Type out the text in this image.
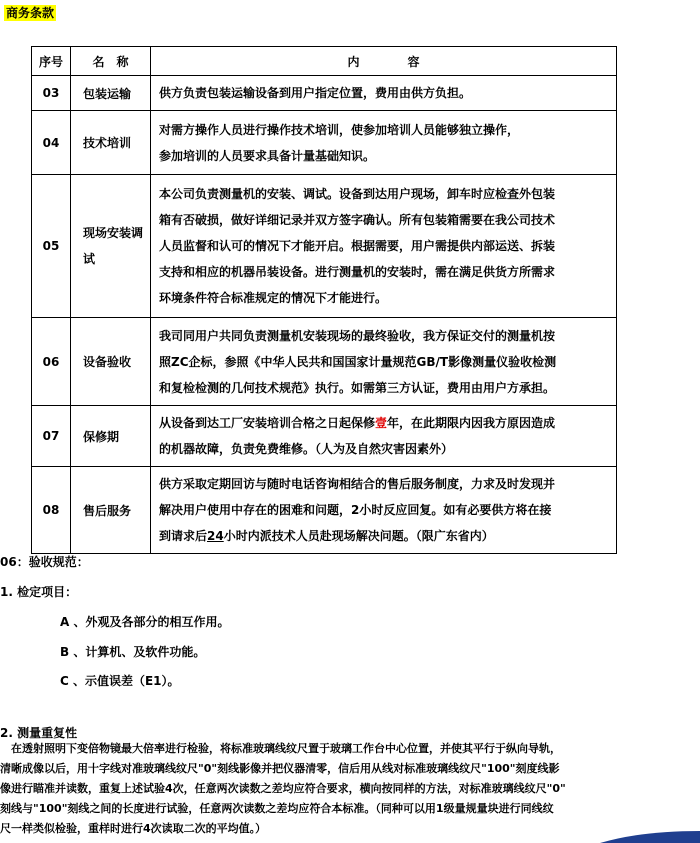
商务条款
序号	名　称	内　　　　容
03	包装运输	供方负责包装运输设备到用户指定位置，费用由供方负担。

04	技术培训	对需方操作人员进行操作技术培训，使参加培训人员能够独立操作，
参加培训的人员要求具备计量基础知识。

05	现场安装调试	本公司负责测量机的安装、调试。设备到达用户现场，卸车时应检查外包装
箱有否破损，做好详细记录并双方签字确认。所有包装箱需要在我公司技术
人员监督和认可的情况下才能开启。根据需要，用户需提供内部运送、拆装
支持和相应的机器吊装设备。进行测量机的安装时，需在满足供货方所需求
环境条件符合标准规定的情况下才能进行。

06	设备验收	我司同用户共同负责测量机安装现场的最终验收，我方保证交付的测量机按
照ZC企标，参照《中华人民共和国国家计量规范GB/T影像测量仪验收检测
和复检检测的几何技术规范》执行。如需第三方认证，费用由用户方承担。

07	保修期	从设备到达工厂安装培训合格之日起保修壹年，在此期限内因我方原因造成
的机器故障，负责免费维修。（人为及自然灾害因素外）

08	售后服务	供方采取定期回访与随时电话咨询相结合的售后服务制度，力求及时发现并
解决用户使用中存在的困难和问题，2小时反应回复。如有必要供方将在接
到请求后24小时内派技术人员赴现场解决问题。（限广东省内）
06：验收规范：
1. 检定项目：
A 、外观及各部分的相互作用。
B 、计算机、及软件功能。
C 、示值误差（E1）。
2. 测量重复性
　在透射照明下变倍物镜最大倍率进行检验，将标准玻璃线纹尺置于玻璃工作台中心位置，并使其平行于纵向导轨，
清晰成像以后，用十字线对准玻璃线纹尺"0"刻线影像并把仪器清零，信后用从线对标准玻璃线纹尺"100"刻度线影
像进行瞄准并读数，重复上述试验4次，任意两次读数之差均应符合要求，横向按同样的方法，对标准玻璃线纹尺"0"
刻线与"100"刻线之间的长度进行试验，任意两次读数之差均应符合本标准。（同种可以用1级量规量块进行同线纹
尺一样类似检验，重样时进行4次读取二次的平均值。）
